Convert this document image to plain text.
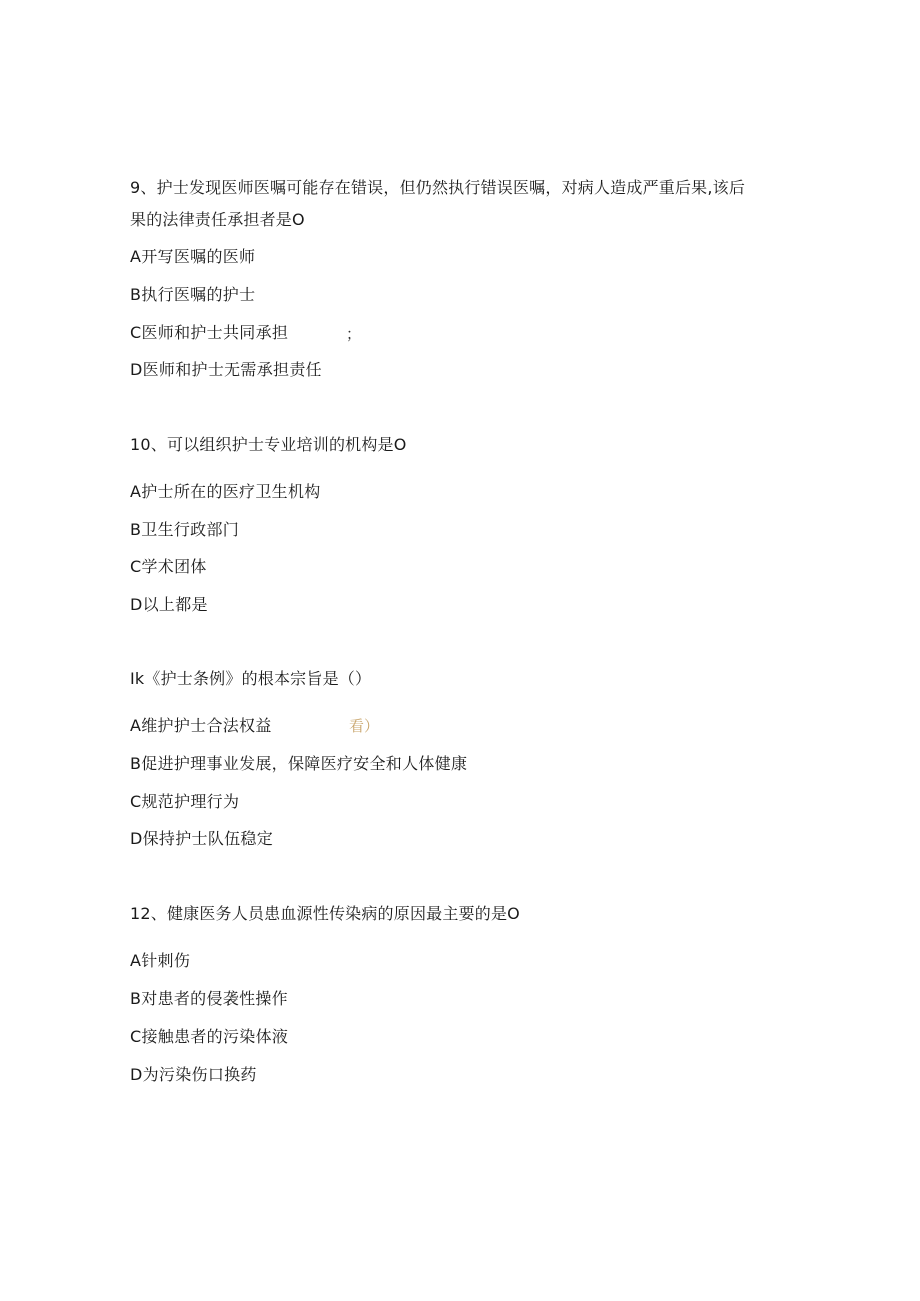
9、护士发现医师医嘱可能存在错误，但仍然执行错误医嘱，对病人造成严重后果,该后
果的法律责任承担者是O
A开写医嘱的医师
B执行医嘱的护士
C医师和护士共同承担	；
D医师和护士无需承担责任
10、可以组织护士专业培训的机构是O
A护士所在的医疗卫生机构
B卫生行政部门
C学术团体
D以上都是
Ik《护士条例》的根本宗旨是（）
A维护护士合法权益	看）
B促进护理事业发展，保障医疗安全和人体健康
C规范护理行为
D保持护士队伍稳定
12、健康医务人员患血源性传染病的原因最主要的是O
A针刺伤
B对患者的侵袭性操作
C接触患者的污染体液
D为污染伤口换药
